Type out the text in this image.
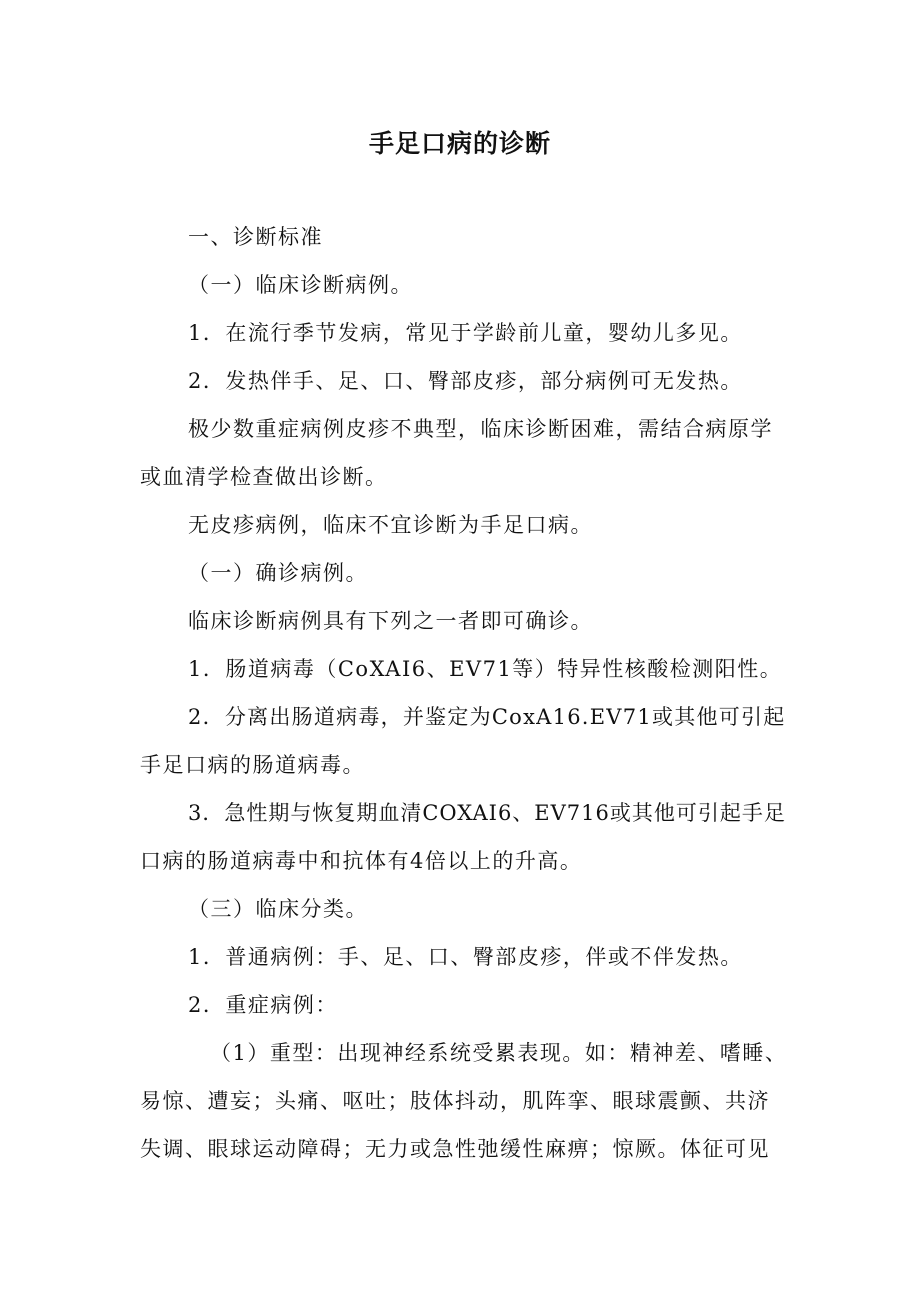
手足口病的诊断

一、诊断标准

（一）临床诊断病例。

1．在流行季节发病，常见于学龄前儿童，婴幼儿多见。

2．发热伴手、足、口、臀部皮疹，部分病例可无发热。

极少数重症病例皮疹不典型，临床诊断困难，需结合病原学

或血清学检查做出诊断。

无皮疹病例，临床不宜诊断为手足口病。

（一）确诊病例。

临床诊断病例具有下列之一者即可确诊。

1．肠道病毒（CoXAI6、EV71等）特异性核酸检测阳性。

2．分离出肠道病毒，并鉴定为CoxA16.EV71或其他可引起

手足口病的肠道病毒。

3．急性期与恢复期血清COXAI6、EV716或其他可引起手足

口病的肠道病毒中和抗体有4倍以上的升高。

（三）临床分类。

1．普通病例：手、足、口、臀部皮疹，伴或不伴发热。

2．重症病例：

（1）重型：出现神经系统受累表现。如：精神差、嗜睡、

易惊、遭妄；头痛、呕吐；肢体抖动，肌阵挛、眼球震颤、共济

失调、眼球运动障碍；无力或急性弛缓性麻痹；惊厥。体征可见
